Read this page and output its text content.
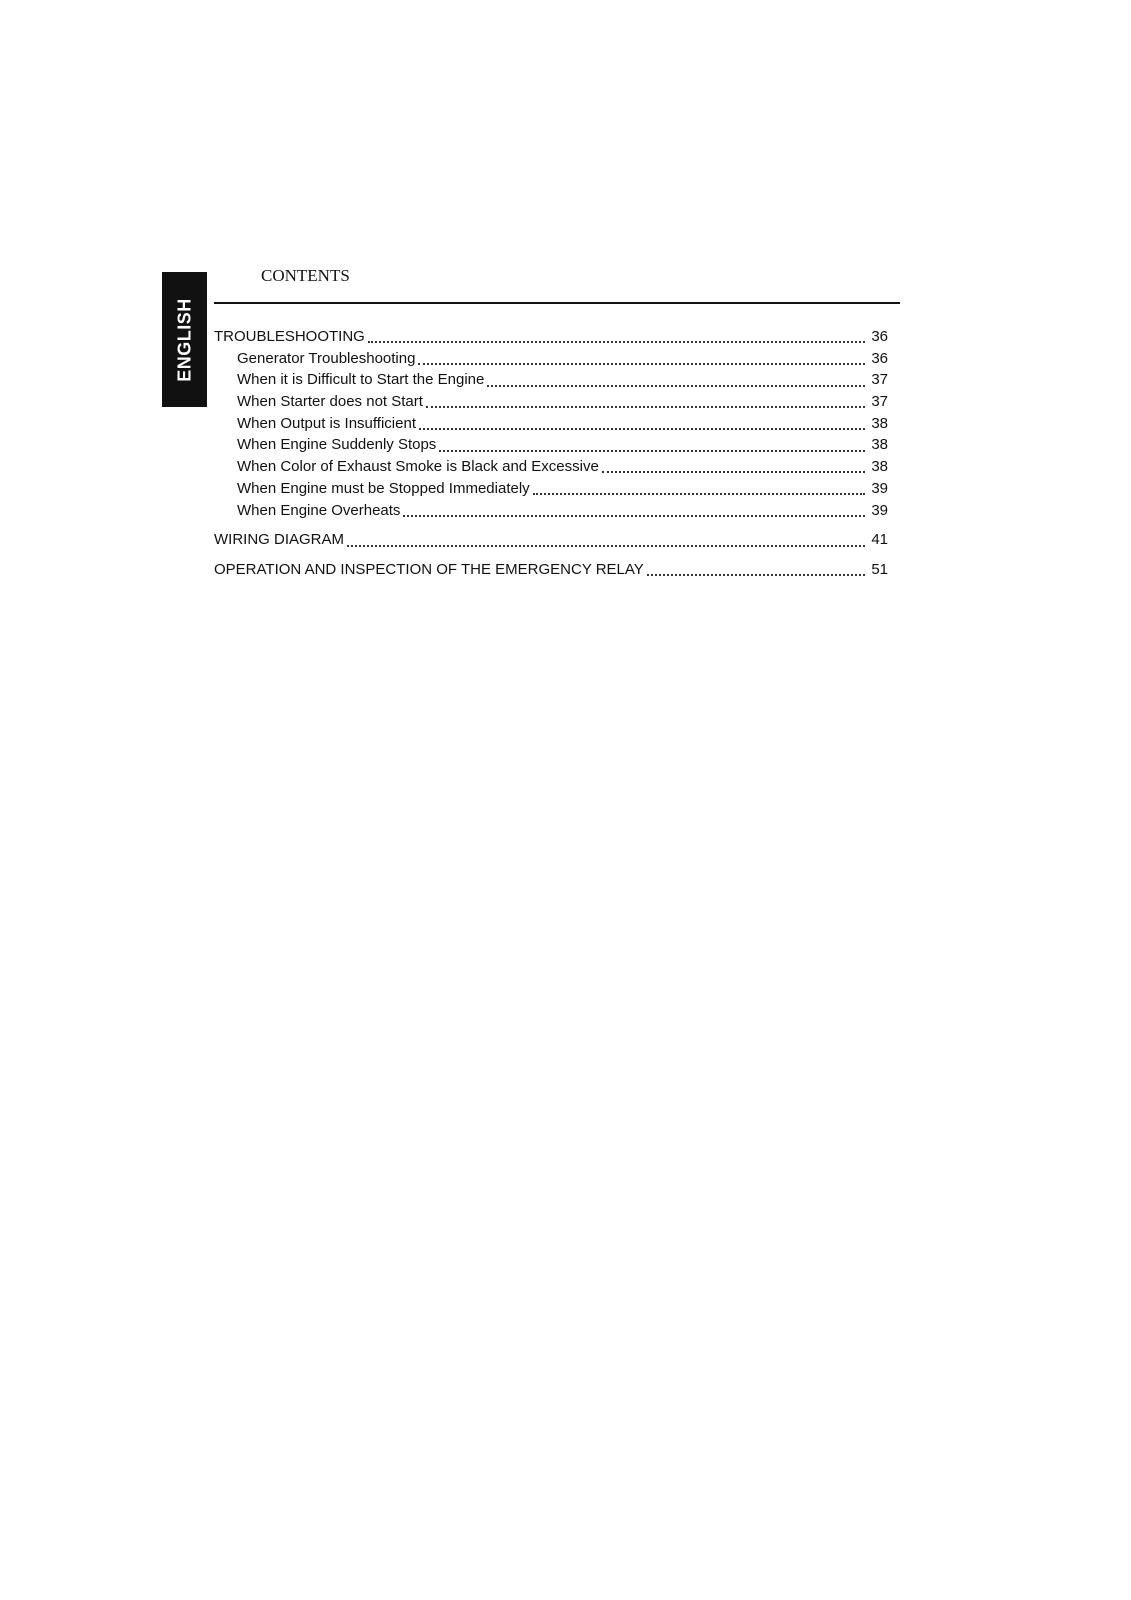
ENGLISH
CONTENTS
TROUBLESHOOTING	36
Generator Troubleshooting	36
When it is Difficult to Start the Engine	37
When Starter does not Start	37
When Output is Insufficient	38
When Engine Suddenly Stops	38
When Color of Exhaust Smoke is Black and Excessive	38
When Engine must be Stopped Immediately	39
When Engine Overheats	39
WIRING DIAGRAM	41
OPERATION AND INSPECTION OF THE EMERGENCY RELAY	51
